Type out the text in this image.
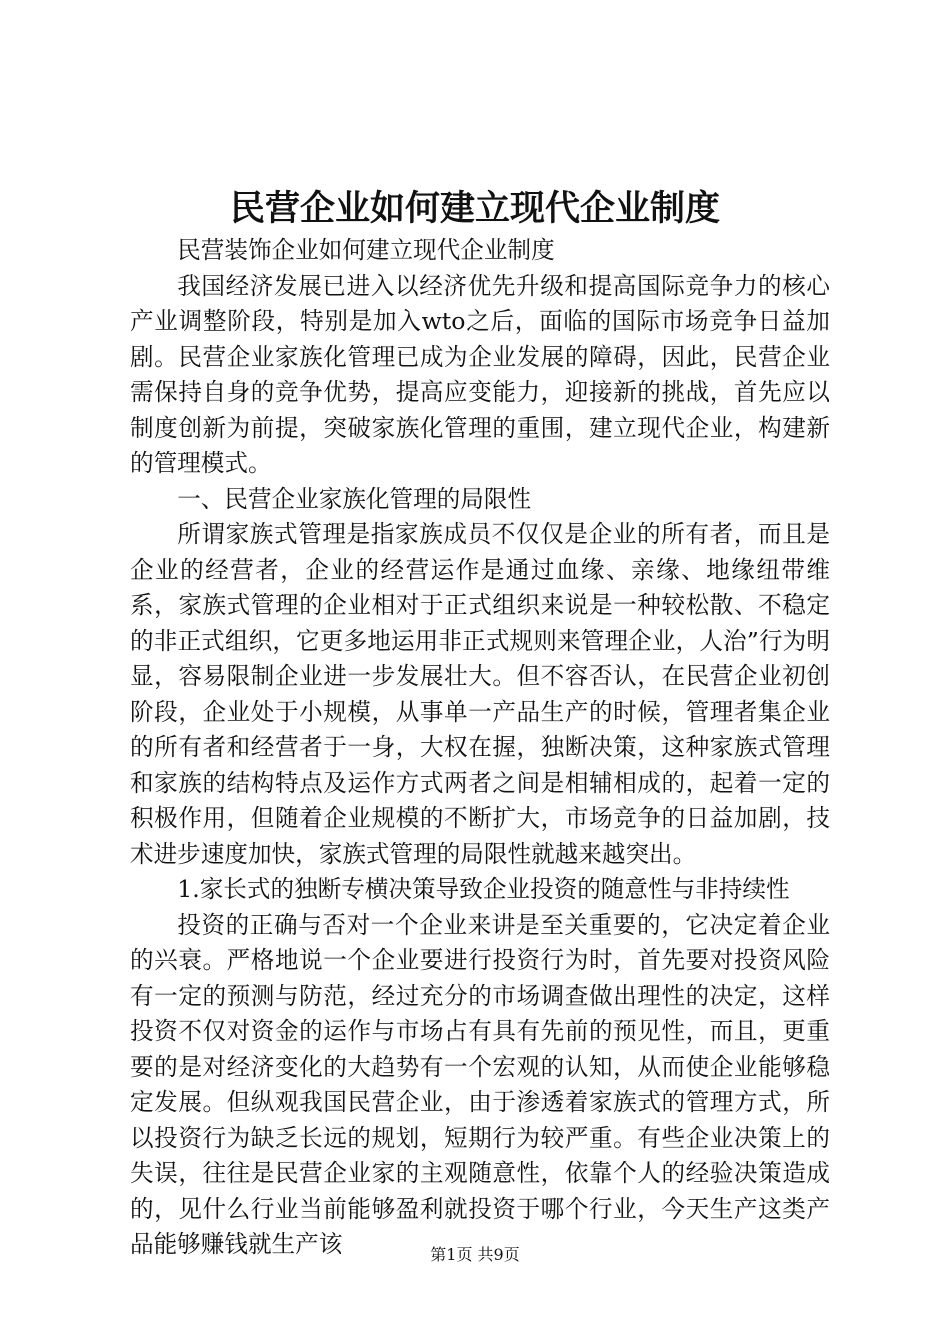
民营企业如何建立现代企业制度

民营装饰企业如何建立现代企业制度

我国经济发展已进入以经济优先升级和提高国际竞争力的核心产业调整阶段，特别是加入wto之后，面临的国际市场竞争日益加剧。民营企业家族化管理已成为企业发展的障碍，因此，民营企业需保持自身的竞争优势，提高应变能力，迎接新的挑战，首先应以制度创新为前提，突破家族化管理的重围，建立现代企业，构建新的管理模式。

一、民营企业家族化管理的局限性

所谓家族式管理是指家族成员不仅仅是企业的所有者，而且是企业的经营者，企业的经营运作是通过血缘、亲缘、地缘纽带维系，家族式管理的企业相对于正式组织来说是一种较松散、不稳定的非正式组织，它更多地运用非正式规则来管理企业，人治”行为明显，容易限制企业进一步发展壮大。但不容否认，在民营企业初创阶段，企业处于小规模，从事单一产品生产的时候，管理者集企业的所有者和经营者于一身，大权在握，独断决策，这种家族式管理和家族的结构特点及运作方式两者之间是相辅相成的，起着一定的积极作用，但随着企业规模的不断扩大，市场竞争的日益加剧，技术进步速度加快，家族式管理的局限性就越来越突出。

1.家长式的独断专横决策导致企业投资的随意性与非持续性

投资的正确与否对一个企业来讲是至关重要的，它决定着企业的兴衰。严格地说一个企业要进行投资行为时，首先要对投资风险有一定的预测与防范，经过充分的市场调查做出理性的决定，这样投资不仅对资金的运作与市场占有具有先前的预见性，而且，更重要的是对经济变化的大趋势有一个宏观的认知，从而使企业能够稳定发展。但纵观我国民营企业，由于渗透着家族式的管理方式，所以投资行为缺乏长远的规划，短期行为较严重。有些企业决策上的失误，往往是民营企业家的主观随意性，依靠个人的经验决策造成的，见什么行业当前能够盈利就投资于哪个行业，今天生产这类产品能够赚钱就生产该	第1页 共9页
